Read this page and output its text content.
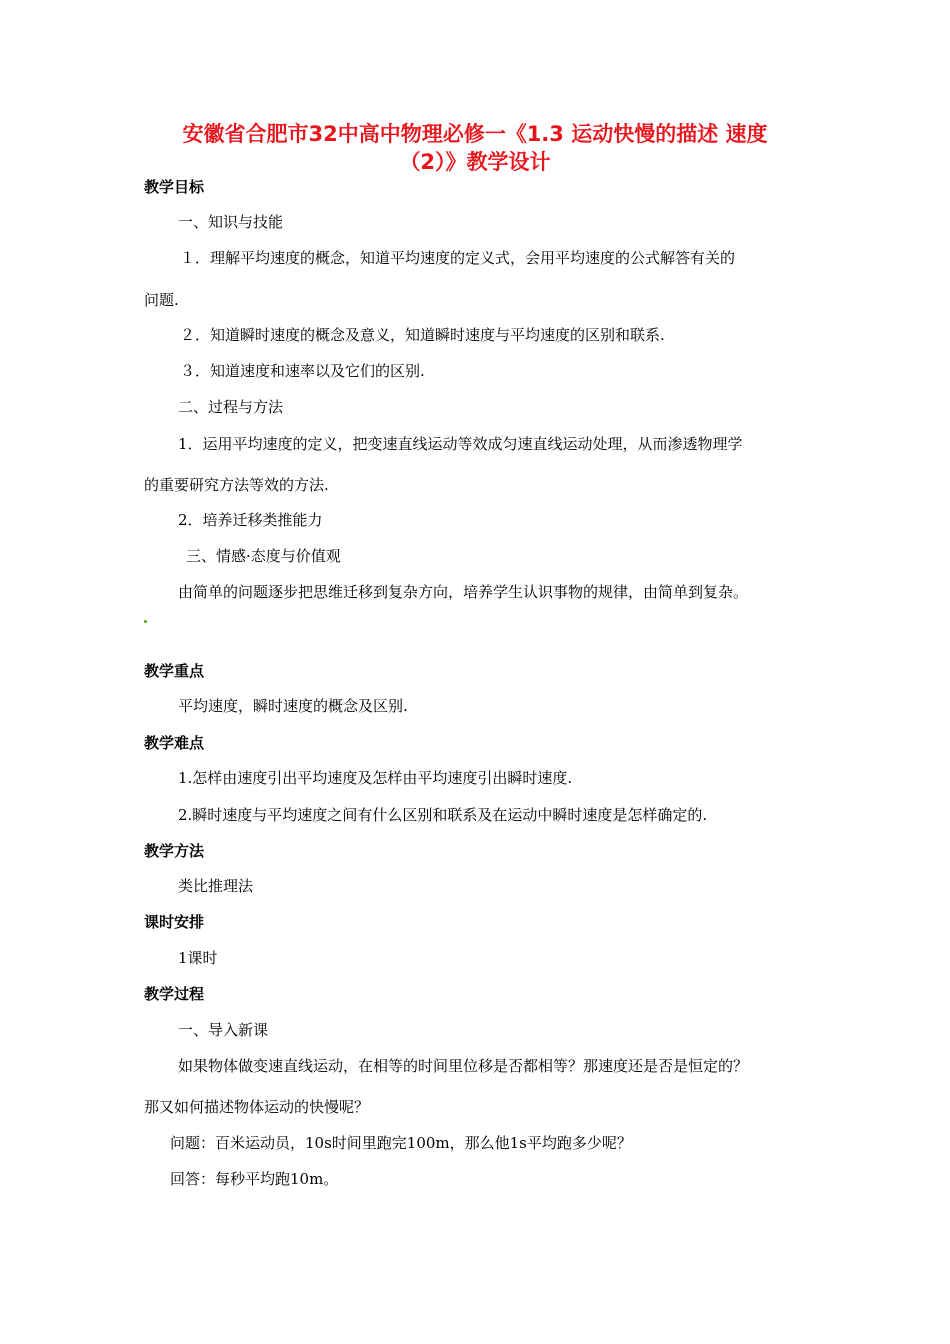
安徽省合肥市32中高中物理必修一《1.3 运动快慢的描述 速度
（2）》教学设计
教学目标
一、知识与技能
１．理解平均速度的概念，知道平均速度的定义式，会用平均速度的公式解答有关的
问题.
２．知道瞬时速度的概念及意义，知道瞬时速度与平均速度的区别和联系.
３．知道速度和速率以及它们的区别.
二、过程与方法
1．运用平均速度的定义，把变速直线运动等效成匀速直线运动处理，从而渗透物理学
的重要研究方法等效的方法.
2．培养迁移类推能力
三、情感·态度与价值观
由简单的问题逐步把思维迁移到复杂方向，培养学生认识事物的规律，由简单到复杂。
教学重点
平均速度，瞬时速度的概念及区别.
教学难点
1.怎样由速度引出平均速度及怎样由平均速度引出瞬时速度.
2.瞬时速度与平均速度之间有什么区别和联系及在运动中瞬时速度是怎样确定的.
教学方法
类比推理法
课时安排
1课时
教学过程
一、导入新课
如果物体做变速直线运动，在相等的时间里位移是否都相等？那速度还是否是恒定的？
那又如何描述物体运动的快慢呢？
问题：百米运动员，10s时间里跑完100m，那么他1s平均跑多少呢？
回答：每秒平均跑10m。
